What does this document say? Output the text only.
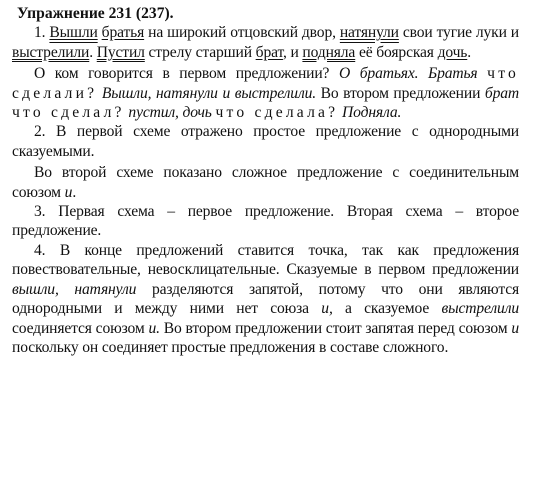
Упражнение 231 (237).

1. Вышли братья на широкий отцовский двор, натянули свои тугие луки и выстрелили. Пустил стрелу старший брат, и подняла её боярская дочь.

О ком говорится в первом предложении? О братьях. Братья что сделали? Вышли, натянули и выстрелили. Во втором предложении брат что сделал? пустил, дочь что сделала? Подняла.

2. В первой схеме отражено простое предложение с однородными сказуемыми.

Во второй схеме показано сложное предложение с соединительным союзом и.

3. Первая схема – первое предложение. Вторая схема – второе предложение.

4. В конце предложений ставится точка, так как предложения повествовательные, невосклицательные. Сказуемые в первом предложении вышли, натянули разделяются запятой, потому что они являются однородными и между ними нет союза и, а сказуемое выстрелили соединяется союзом и. Во втором предложении стоит запятая перед союзом и поскольку он соединяет простые предложения в составе сложного.
